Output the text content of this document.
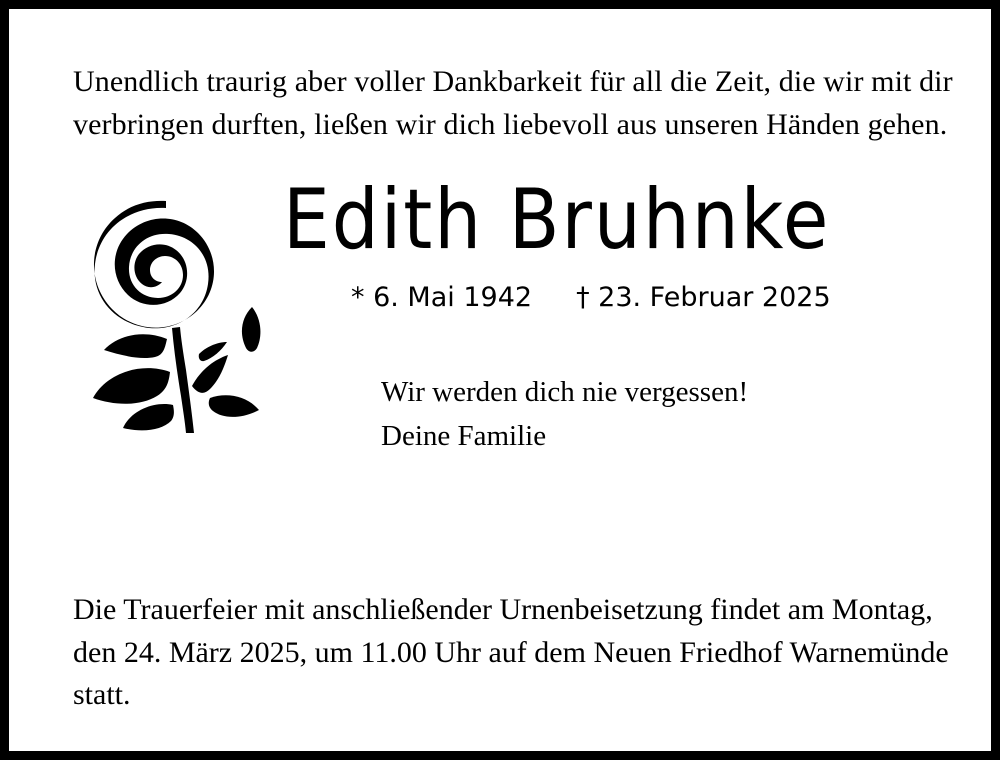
Unendlich traurig aber voller Dankbarkeit für all die Zeit, die wir mit dir verbringen durften, ließen wir dich liebevoll aus unseren Händen gehen.

Edith Bruhnke
* 6. Mai 1942 † 23. Februar 2025
Wir werden dich nie vergessen!
Deine Familie

Die Trauerfeier mit anschließender Urnenbeisetzung findet am Montag, den 24. März 2025, um 11.00 Uhr auf dem Neuen Friedhof Warnemünde statt.
